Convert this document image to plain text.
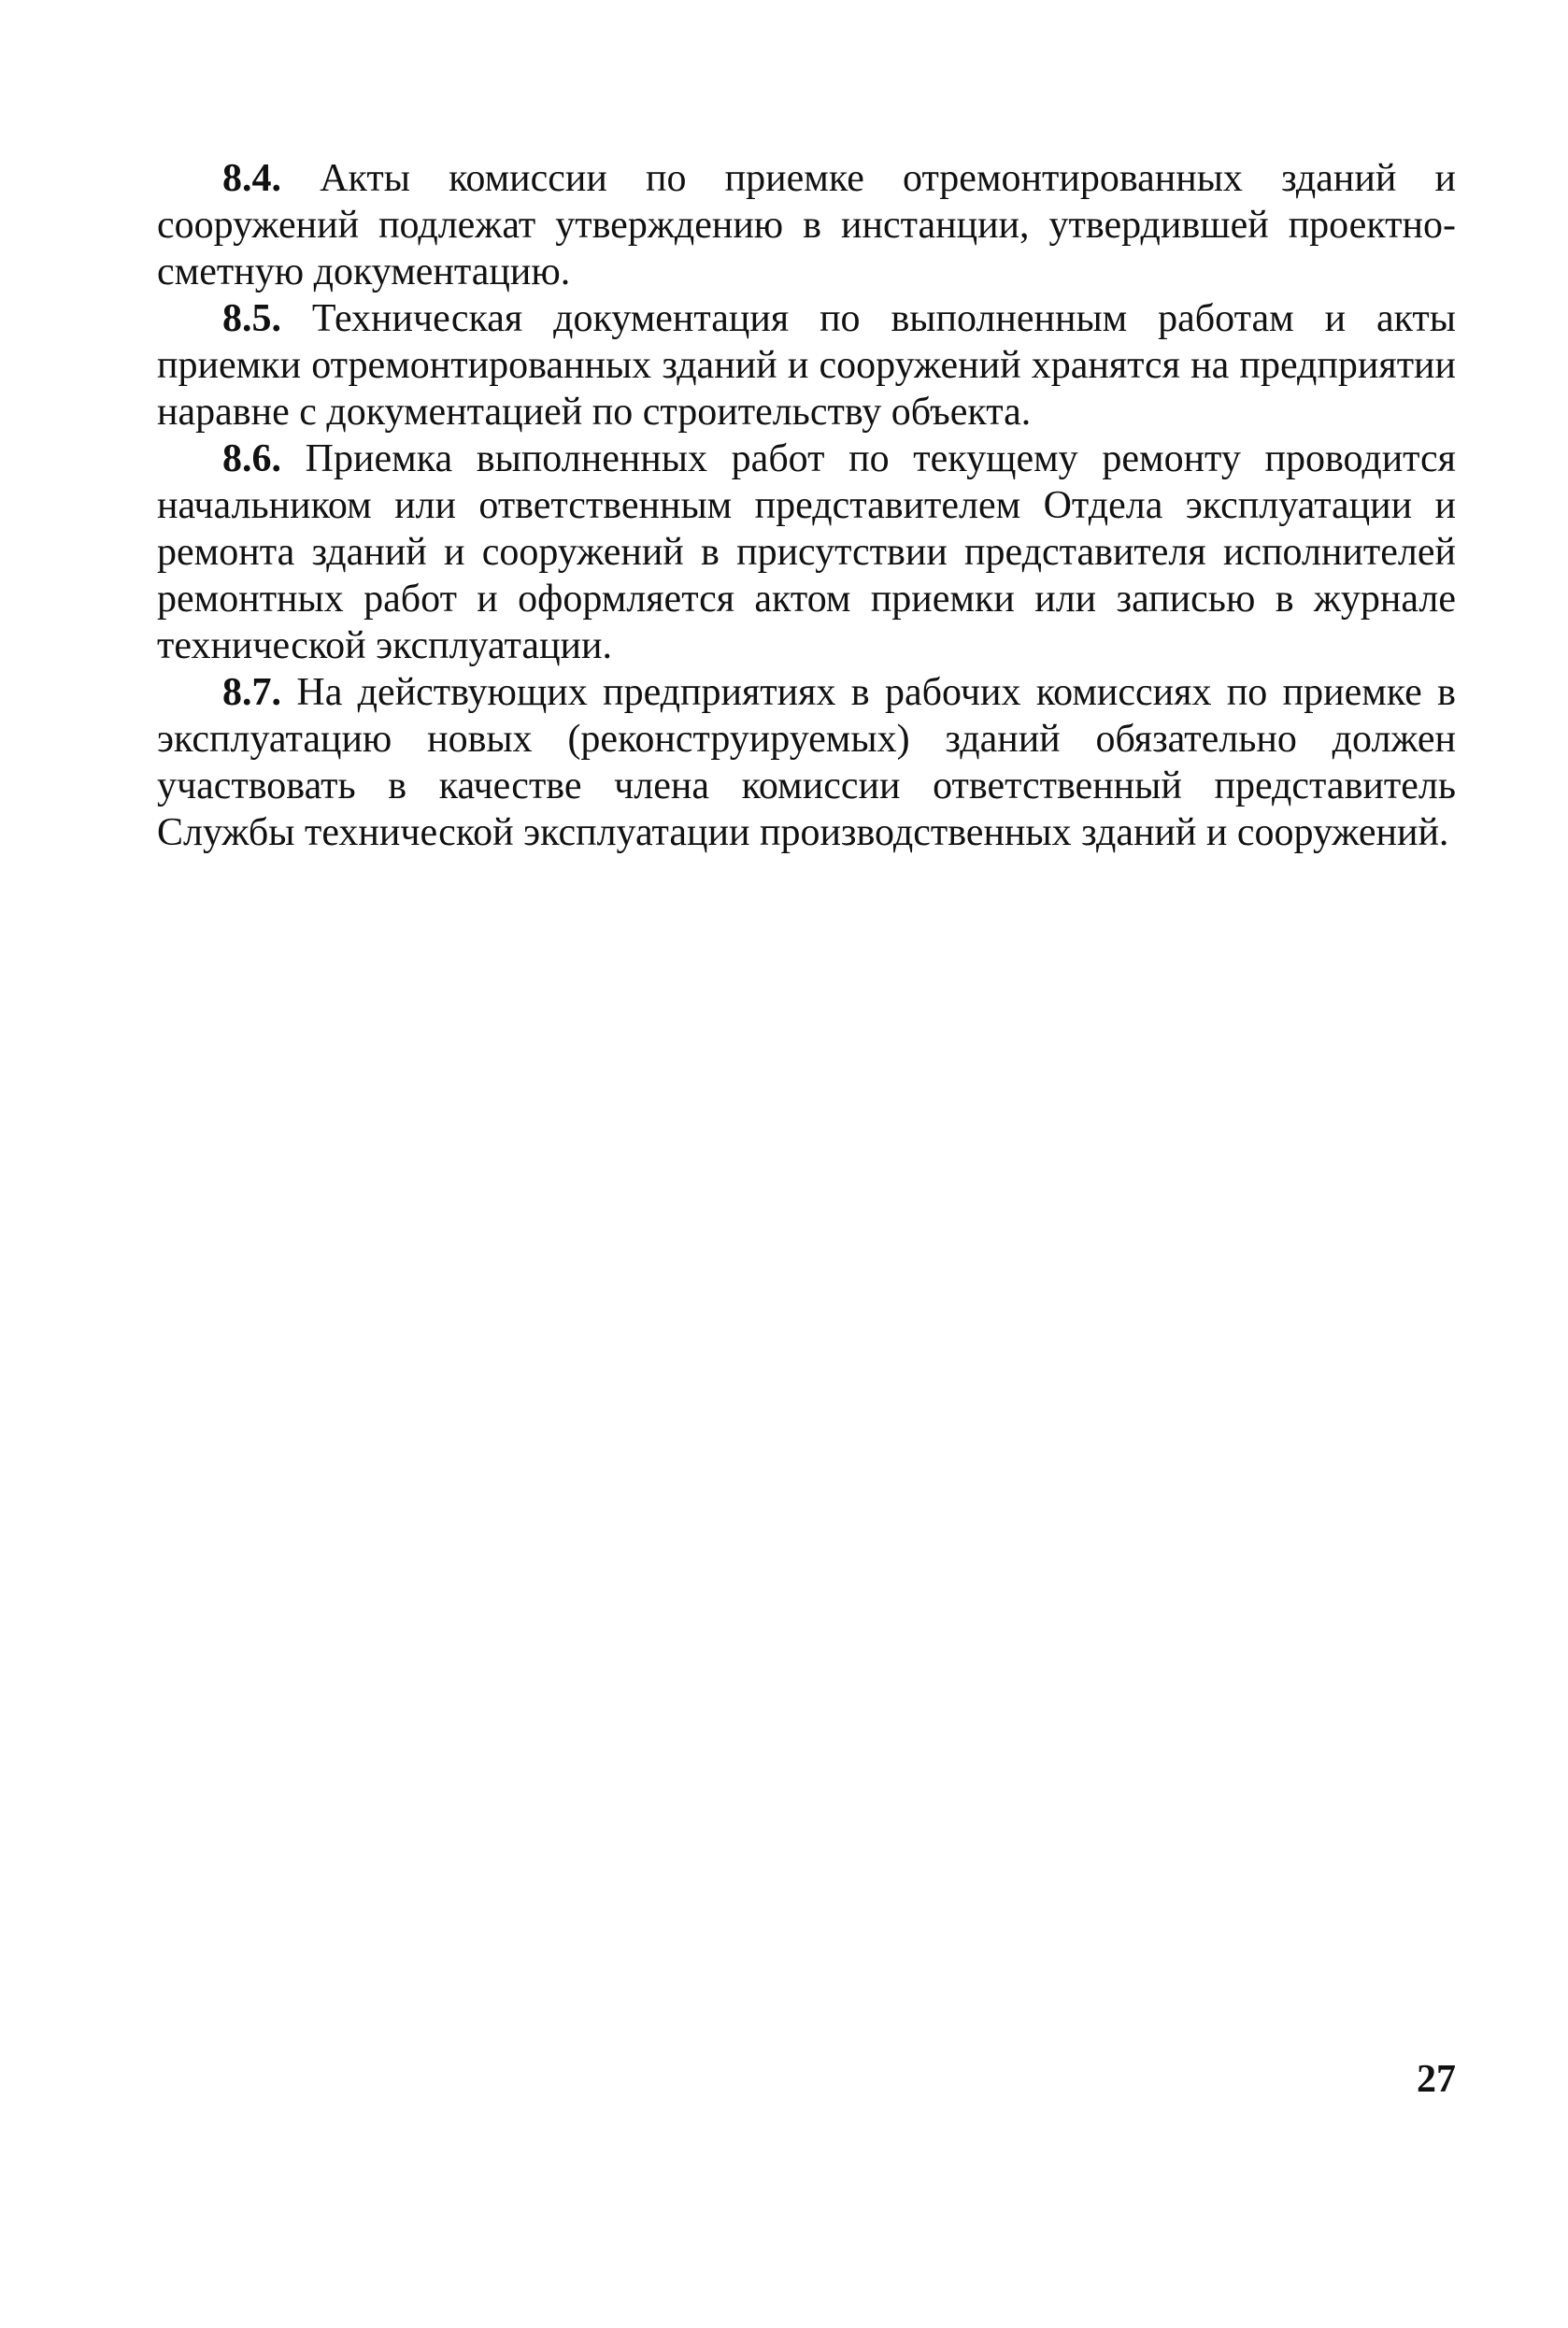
8.4. Акты комиссии по приемке отремонтированных зданий и сооружений подлежат утверждению в инстанции, утвердившей проектно-сметную документацию.

8.5. Техническая документация по выполненным работам и акты приемки отремонтированных зданий и сооружений хранятся на предприятии наравне с документацией по строительству объекта.

8.6. Приемка выполненных работ по текущему ремонту проводится начальником или ответственным представителем Отдела эксплуатации и ремонта зданий и сооружений в присутствии представителя исполнителей ремонтных работ и оформляется актом приемки или записью в журнале технической эксплуатации.

8.7. На действующих предприятиях в рабочих комиссиях по приемке в эксплуатацию новых (реконструируемых) зданий обязательно должен участвовать в качестве члена комиссии ответственный представитель Службы технической эксплуатации производственных зданий и сооружений.

27
